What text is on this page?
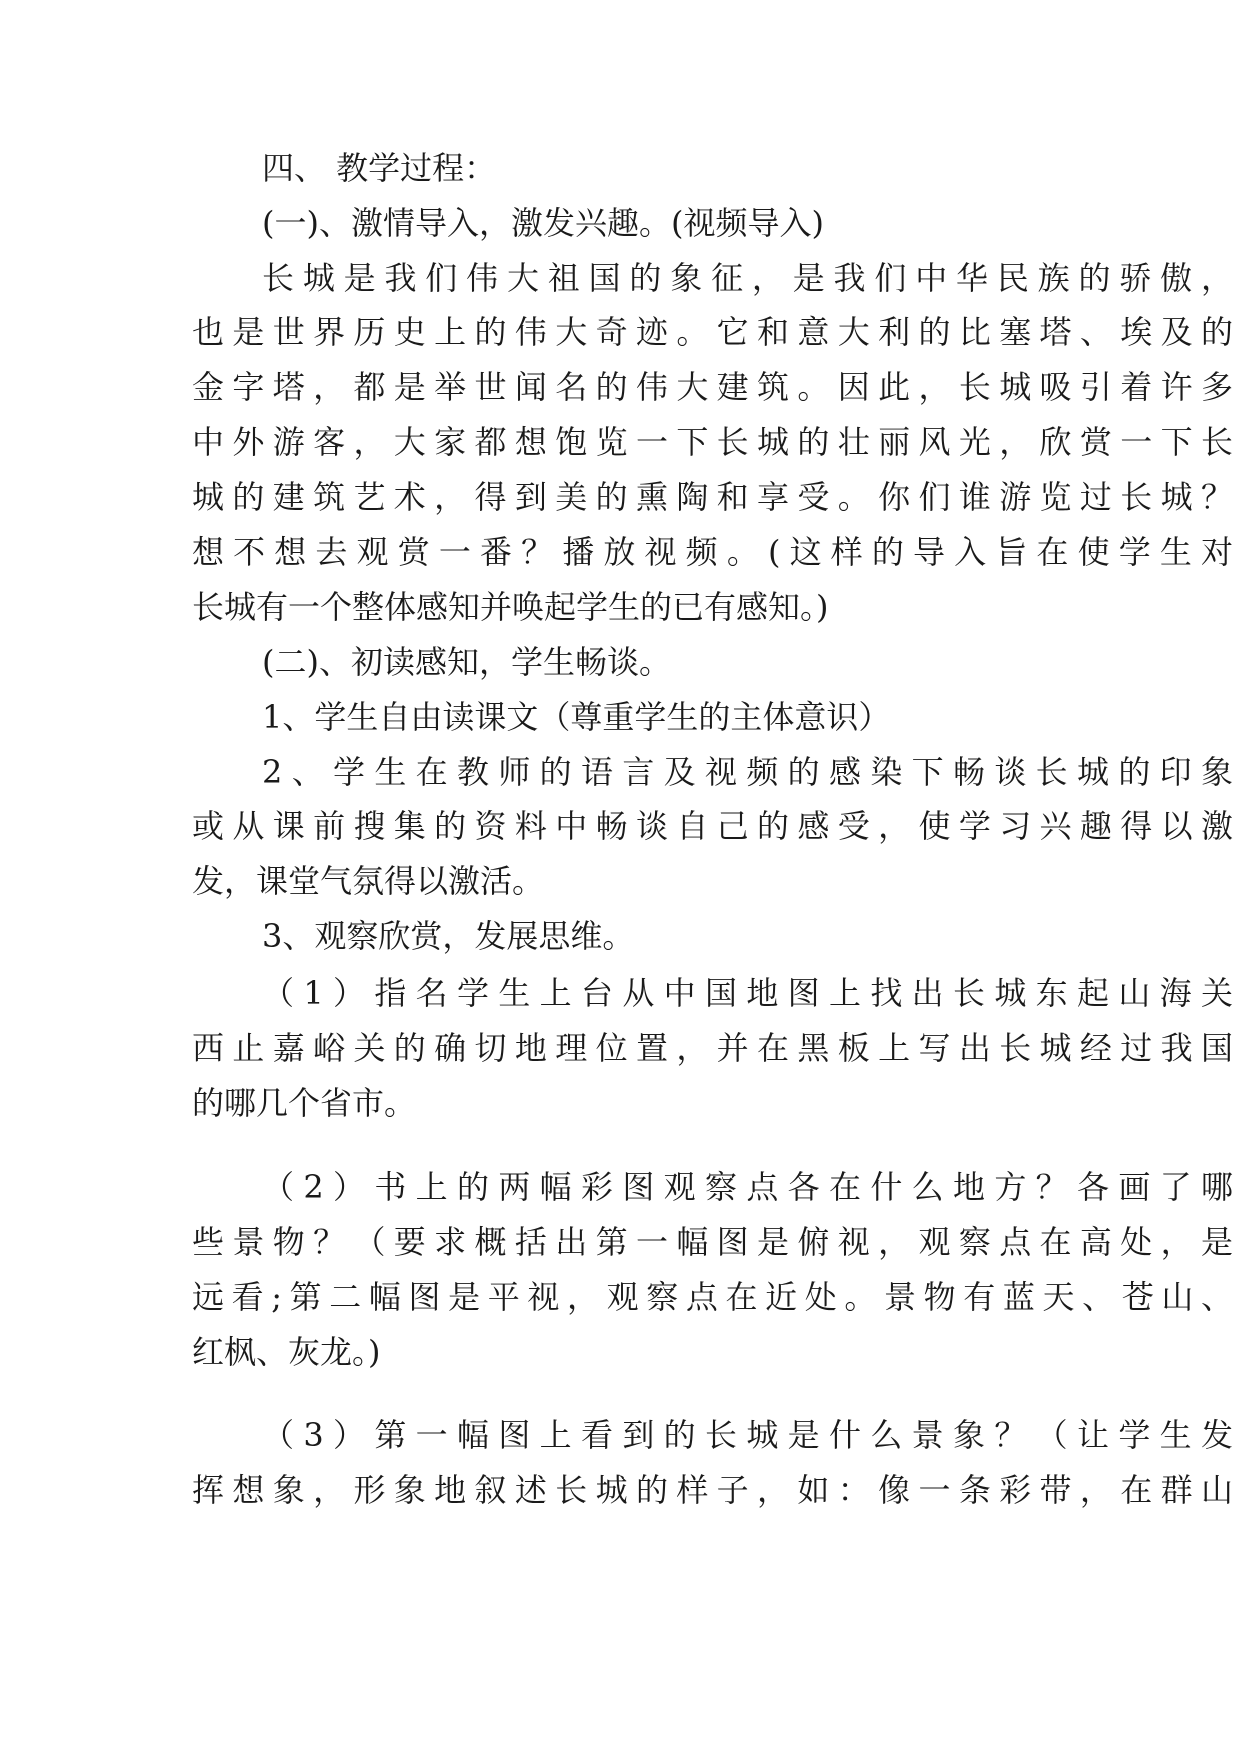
四、 教学过程：

(一)、激情导入，激发兴趣。(视频导入)

长城是我们伟大祖国的象征，是我们中华民族的骄傲，

也是世界历史上的伟大奇迹。它和意大利的比塞塔、埃及的

金字塔，都是举世闻名的伟大建筑。因此，长城吸引着许多

中外游客，大家都想饱览一下长城的壮丽风光，欣赏一下长

城的建筑艺术，得到美的熏陶和享受。你们谁游览过长城？

想不想去观赏一番？播放视频。(这样的导入旨在使学生对

长城有一个整体感知并唤起学生的已有感知。)

(二)、初读感知，学生畅谈。

1、学生自由读课文（尊重学生的主体意识）

2、学生在教师的语言及视频的感染下畅谈长城的印象

或从课前搜集的资料中畅谈自己的感受，使学习兴趣得以激

发，课堂气氛得以激活。

3、观察欣赏，发展思维。

（1）指名学生上台从中国地图上找出长城东起山海关

西止嘉峪关的确切地理位置，并在黑板上写出长城经过我国

的哪几个省市。

（2）书上的两幅彩图观察点各在什么地方？各画了哪

些景物？（要求概括出第一幅图是俯视，观察点在高处，是

远看;第二幅图是平视，观察点在近处。景物有蓝天、苍山、

红枫、灰龙。)

（3）第一幅图上看到的长城是什么景象？（让学生发

挥想象，形象地叙述长城的样子，如：像一条彩带，在群山
